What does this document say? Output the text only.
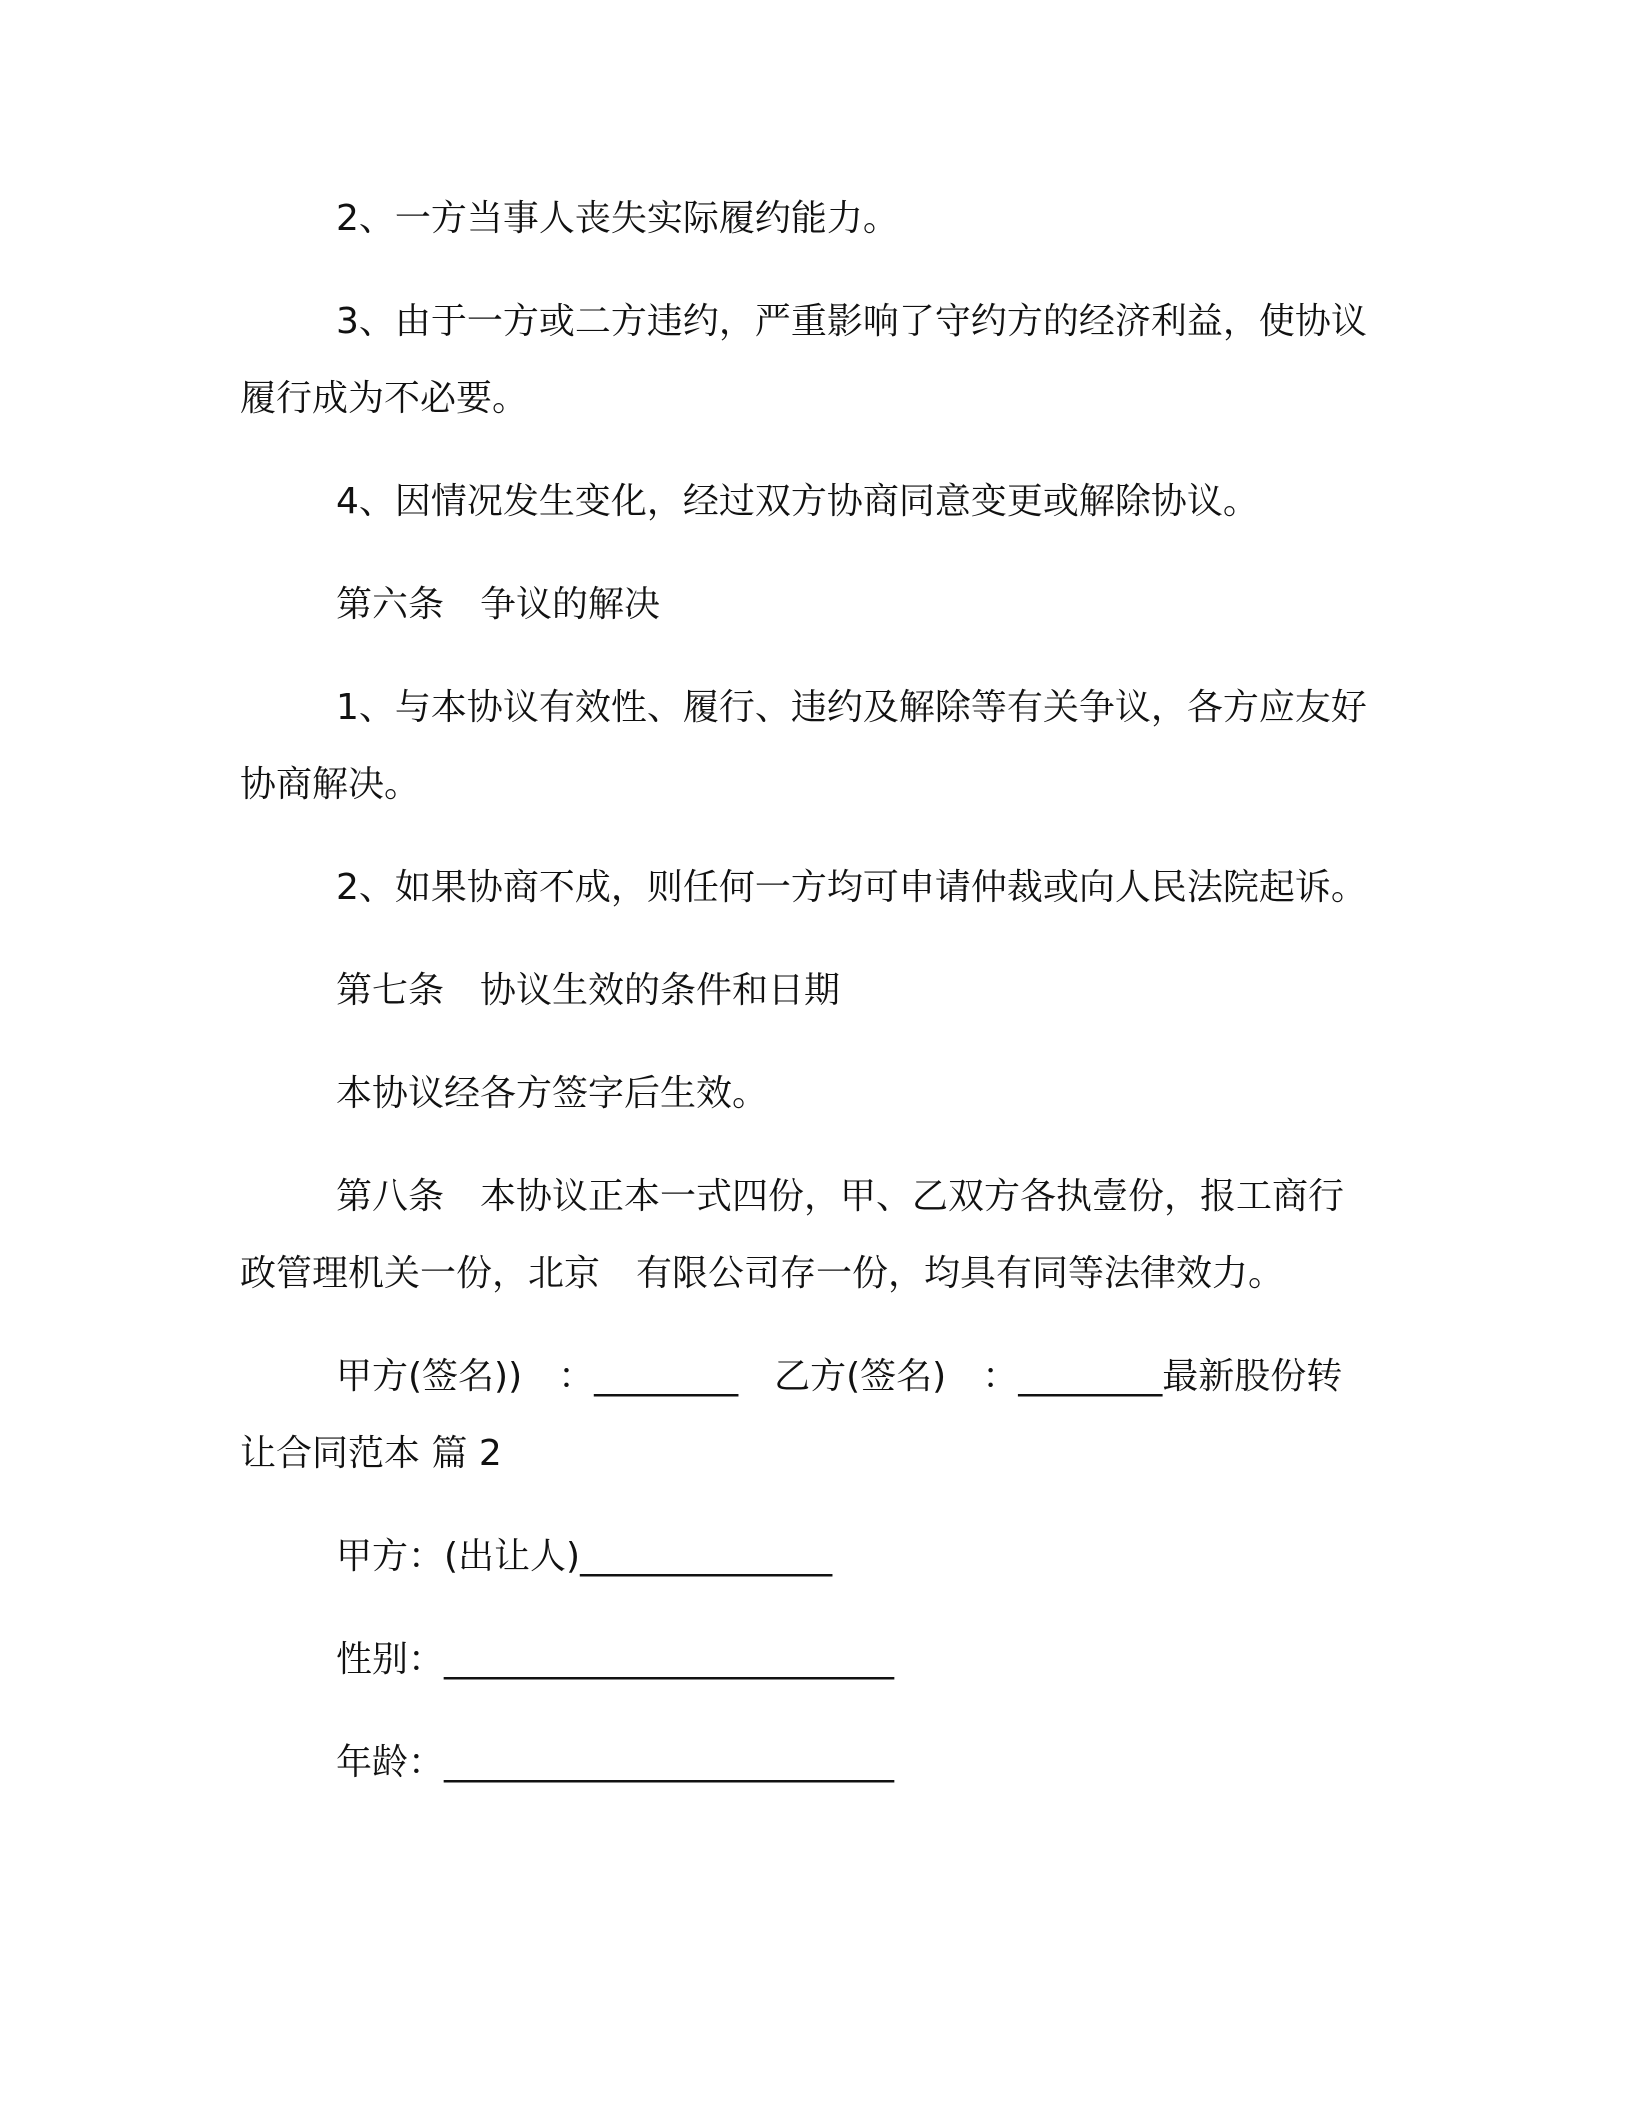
2、一方当事人丧失实际履约能力。

3、由于一方或二方违约，严重影响了守约方的经济利益，使协议履行成为不必要。

4、因情况发生变化，经过双方协商同意变更或解除协议。

第六条　争议的解决

1、与本协议有效性、履行、违约及解除等有关争议，各方应友好协商解决。

2、如果协商不成，则任何一方均可申请仲裁或向人民法院起诉。

第七条　协议生效的条件和日期

本协议经各方签字后生效。

第八条　本协议正本一式四份，甲、乙双方各执壹份，报工商行政管理机关一份，北京　有限公司存一份，均具有同等法律效力。

甲方(签名))　：________　乙方(签名)　：________最新股份转让合同范本 篇 2

甲方：(出让人)______________

性别：_________________________

年龄：_________________________
